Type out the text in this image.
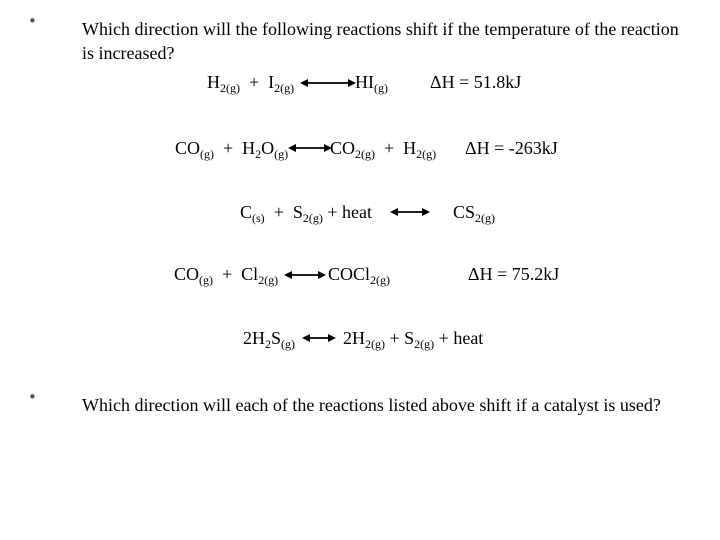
•	Which direction will the following reactions shift if the temperature of the reaction is increased?

$H_{2(g)} + I_{2(g)}$	$HI_{(g)}$ ΔH = 51.8kJ
$CO_{(g)} + H_2O_{(g)}$ $CO_{2(g)} + H_{2(g)}$ ΔH = -263kJ
$C_{(s)} + S_{2(g)}$ + heat	$CS_{2(g)}$
$CO_{(g)} + Cl_{2(g)}$	COCl$_{2(g)}$	ΔH = 75.2kJ
$2H_2S_{(g)}$	$2H_{2(g)} + S_{2(g)}$ + heat
•	Which direction will each of the reactions listed above shift if a catalyst is used?
